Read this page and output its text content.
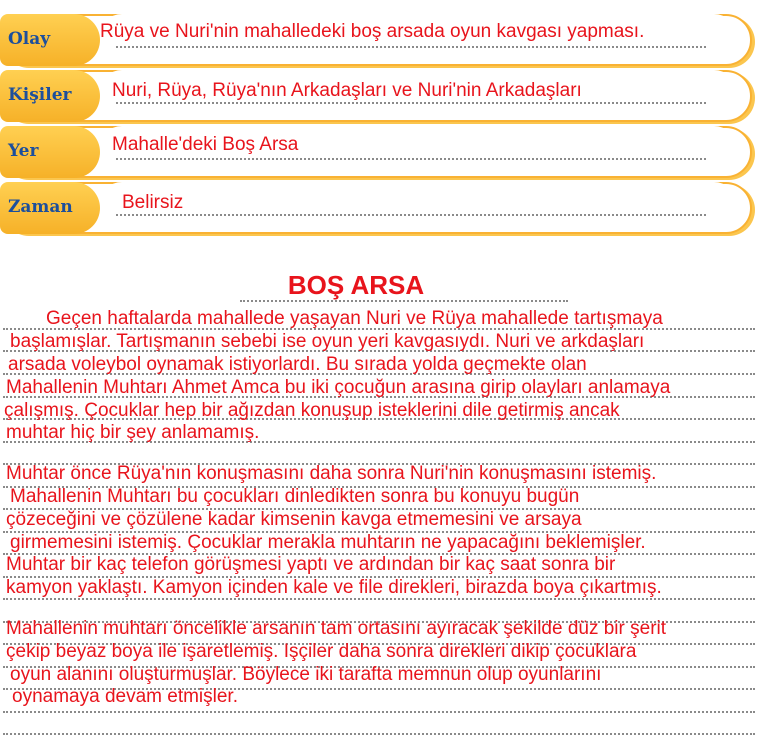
Olay	Rüya ve Nuri'nin mahalledeki boş arsada oyun kavgası yapması.
Kişiler Nuri, Rüya, Rüya'nın Arkadaşları ve Nuri'nin Arkadaşları
Yer	Mahalle'deki Boş Arsa
Zaman	Belirsiz
BOŞ ARSA
Geçen haftalarda mahallede yaşayan Nuri ve Rüya mahallede tartışmaya
başlamışlar. Tartışmanın sebebi ise oyun yeri kavgasıydı. Nuri ve arkdaşları
arsada voleybol oynamak istiyorlardı. Bu sırada yolda geçmekte olan
Mahallenin Muhtarı Ahmet Amca bu iki çocuğun arasına girip olayları anlamaya
çalışmış. Çocuklar hep bir ağızdan konuşup isteklerini dile getirmiş ancak
muhtar hiç bir şey anlamamış.
Muhtar önce Rüya'nın konuşmasını daha sonra Nuri'nin konuşmasını istemiş.
Mahallenin Muhtarı bu çocukları dinledikten sonra bu konuyu bugün
çözeceğini ve çözülene kadar kimsenin kavga etmemesini ve arsaya
girmemesini istemiş. Çocuklar merakla muhtarın ne yapacağını beklemişler.
Muhtar bir kaç telefon görüşmesi yaptı ve ardından bir kaç saat sonra bir
kamyon yaklaştı. Kamyon içinden kale ve file direkleri, birazda boya çıkartmış.
Mahallenin muhtarı öncelikle arsanın tam ortasını ayıracak şekilde düz bir şerit
çekip beyaz boya ile işaretlemiş. Işçiler daha sonra direkleri dikip çocuklara
oyun alanını oluşturmuşlar. Böylece iki tarafta memnun olup oyunlarını
oynamaya devam etmişler.
